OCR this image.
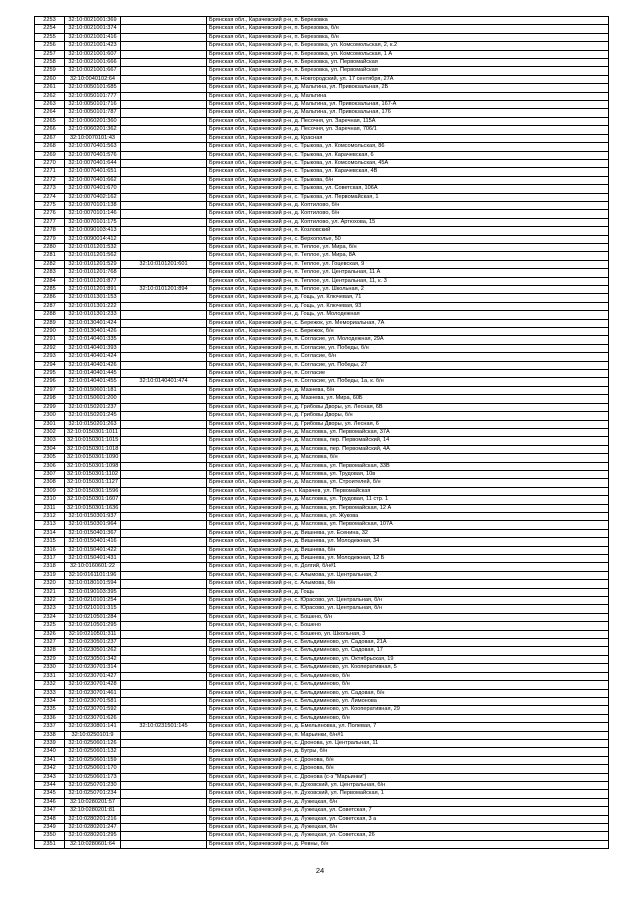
2253	32:10:0021001:369		Брянская обл., Карачевский р-н, п. Березовка
2254	32:10:0021001:374		Брянская обл., Карачевский р-н, п. Березовка, б/н
2255	32:10:0021001:416		Брянская обл., Карачевский р-н, п. Березовка, б/н
2256	32:10:0021001:423		Брянская обл., Карачевский р-н, п. Березовка, ул. Комсомольская, 2, к.2
2257	32:10:0021001:607		Брянская обл., Карачевский р-н, п. Березовка, ул. Комсомольская, 1 А
2258	32:10:0021001:666		Брянская обл., Карачевский р-н, п. Березовка, ул. Первомайская
2259	32:10:0021001:667		Брянская обл., Карачевский р-н, п. Березовка, ул. Первомайская
2260	32:10:0040102:64		Брянская обл., Карачевский р-н, п. Новгородский, ул. 17 сентября, 27А
2261	32:10:0050101:685		Брянская обл., Карачевский р-н, д. Мальтина, ул. Привокзальная, 2Б
2262	32:10:0050101:777		Брянская обл., Карачевский р-н, д. Мальтина
2263	32:10:0050101:716		Брянская обл., Карачевский р-н, д. Мальтина, ул. Привокзальная, 167-А
2264	32:10:0050101:787		Брянская обл., Карачевский р-н, д. Мальтина, ул. Привокзальная, 176
2265	32:10:0060201:360		Брянская обл., Карачевский р-н, д. Песочня, ул. Заречная, 115А
2266	32:10:0060201:362		Брянская обл., Карачевский р-н, д. Песочня, ул. Заречная, 706/1
2267	32:10:0070101:43		Брянская обл., Карачевский р-н, д. Красная
2268	32:10:0070401:563		Брянская обл., Карачевский р-н, с. Трыкова, ул. Комсомольская, 86
2269	32:10:0070401:576		Брянская обл., Карачевский р-н, с. Трыкова, ул. Карачевская, 6
2270	32:10:0070401:644		Брянская обл., Карачевский р-н, с. Трыкова, ул. Комсомольская, 45А
2271	32:10:0070401:651		Брянская обл., Карачевский р-н, с. Трыкова, ул. Карачевская, 4В
2272	32:10:0070401:662		Брянская обл., Карачевский р-н, с. Трыкова, б/н
2273	32:10:0070401:670		Брянская обл., Карачевский р-н, с. Трыкова, ул. Советская, 106А
2274	32:10:0070402:162		Брянская обл., Карачевский р-н, с. Трыкова, ул. Первомайская, 1
2275	32:10:0070101:138		Брянская обл., Карачевский р-н, д. Коптилово, б/н
2276	32:10:0070101:146		Брянская обл., Карачевский р-н, д. Коптилово, б/н
2277	32:10:0070101:175		Брянская обл., Карачевский р-н, д. Коптилово, ул. Артюхова, 15
2278	32:10:0090103:413		Брянская обл., Карачевский р-н, п. Козловский
2279	32:10:0090014:412		Брянская обл., Карачевский р-н, с. Верхополье, 50
2280	32:10:0101201:532		Брянская обл., Карачевский р-н, п. Теплое, ул. Мира, б/н
2281	32:10:0101201:562		Брянская обл., Карачевский р-н, п. Теплое, ул. Мира, 8А
2282	32:10:0101201:529	32:10:0101201:601	Брянская обл., Карачевский р-н, п. Теплое, ул. Гоцевская, 9
2283	32:10:0101201:768		Брянская обл., Карачевский р-н, п. Теплое, ул. Центральная, 11 А
2284	32:10:0101201:877		Брянская обл., Карачевский р-н, п. Теплое, ул. Центральная, 11, к. 3
2285	32:10:0101201:891	32:10:0101201:894	Брянская обл., Карачевский р-н, п. Теплое, ул. Школьная, 2
2286	32:10:0101301:153		Брянская обл., Карачевский р-н, д. Гощь, ул. Ключевая, 71
2287	32:10:0101301:222		Брянская обл., Карачевский р-н, д. Гощь, ул. Ключевая, 93
2288	32:10:0101301:233		Брянская обл., Карачевский р-н, д. Гощь, ул. Молодежная
2289	32:10:0130401:424		Брянская обл., Карачевский р-н, с. Бережок, ул. Мемориальная, 7А
2290	32:10:0130401:426		Брянская обл., Карачевский р-н, с. Бережок, б/н
2291	32:10:0140401:335		Брянская обл., Карачевский р-н, п. Согласие, ул. Молодежная, 29А
2292	32:10:0140401:393		Брянская обл., Карачевский р-н, п. Согласие, ул. Победы, б/н
2293	32:10:0140401:424		Брянская обл., Карачевский р-н, п. Согласие, б/н
2294	32:10:0140401:426		Брянская обл., Карачевский р-н, п. Согласие, ул. Победы, 27
2295	32:10:0140401:445		Брянская обл., Карачевский р-н, п. Согласие
2296	32:10:0140401:455	32:10:0140401:474	Брянская обл., Карачевский р-н, п. Согласие, ул. Победы, 1а, к. б/н
2297	32:10:0150601:181		Брянская обл., Карачевский р-н, д. Мазнева, б/н
2298	32:10:0150601:200		Брянская обл., Карачевский р-н, д. Мазнева, ул. Мира, 60Б
2299	32:10:0150201:237		Брянская обл., Карачевский р-н, д. Грибовы Дворы, ул. Лесная, 6В
2300	32:10:0150201:245		Брянская обл., Карачевский р-н, д. Грибовы Дворы, б/н
2301	32:10:0150201:263		Брянская обл., Карачевский р-н, д. Грибовы Дворы, ул. Лесная, 6
2302	32:10:0150301:1011		Брянская обл., Карачевский р-н, д. Масловка, ул. Первомайская, 37А
2303	32:10:0150301:1015		Брянская обл., Карачевский р-н, д. Масловка, пер. Первомайский, 14
2304	32:10:0150301:1018		Брянская обл., Карачевский р-н, д. Масловка, пер. Первомайский, 4А
2305	32:10:0150301:1090		Брянская обл., Карачевский р-н, д. Масловка, б/н
2306	32:10:0150301:1098		Брянская обл., Карачевский р-н, д. Масловка, ул. Первомайская, 33В
2307	32:10:0150301:1102		Брянская обл., Карачевский р-н, д. Масловка, ул. Трудовая, 10в
2308	32:10:0150301:1127		Брянская обл., Карачевский р-н, д. Масловка, ул. Строителей, б/н
2309	32:10:0150301:1596		Брянская обл., Карачевский р-н, г. Карачев, ул. Первомайская
2310	32:10:0150301:1607		Брянская обл., Карачевский р-н, д. Масловка, ул. Трудовая, 11 стр. 1
2311	32:10:0150301:1636		Брянская обл., Карачевский р-н, д. Масловка, ул. Первомайская, 12 А
2312	32:10:0150301:937		Брянская обл., Карачевский р-н, д. Масловка, ул. Жукова
2313	32:10:0150301:964		Брянская обл., Карачевский р-н, д. Масловка, ул. Первомайская, 107А
2314	32:10:0150401:367		Брянская обл., Карачевский р-н, д. Вишнева, ул. Есенина, 32
2315	32:10:0150401:416		Брянская обл., Карачевский р-н, д. Вишнева, ул. Молодежная, 34
2316	32:10:0150401:422		Брянская обл., Карачевский р-н, д. Вишнева, б/н
2317	32:10:0150401:431		Брянская обл., Карачевский р-н, д. Вишнева, ул. Молодежная, 12 Б
2318	32:10:0160601:22		Брянская обл., Карачевский р-н, п. Долгий, б/н#1
2319	32:10:0161101:196		Брянская обл., Карачевский р-н, с. Алымова, ул. Центральная, 2
2320	32:10:0180101:594		Брянская обл., Карачевский р-н, с. Алымова, б/н
2321	32:10:0190103:395		Брянская обл., Карачевский р-н, д. Гощь
2322	32:10:0210101:254		Брянская обл., Карачевский р-н, с. Юрасово, ул. Центральная, б/н
2323	32:10:0210101:315		Брянская обл., Карачевский р-н, с. Юрасово, ул. Центральная, б/н
2324	32:10:0210501:284		Брянская обл., Карачевский р-н, с. Бошено, б/н
2325	32:10:0210501:295		Брянская обл., Карачевский р-н, с. Бошено
2326	32:10:0210501:311		Брянская обл., Карачевский р-н, с. Бошено, ул. Школьная, 3
2327	32:10:0230501:237		Брянская обл., Карачевский р-н, с. Бельдиминово, ул. Садовая, 21А
2328	32:10:0230501:262		Брянская обл., Карачевский р-н, с. Бельдиминово, ул. Садовая, 17
2329	32:10:0230501:342		Брянская обл., Карачевский р-н, с. Бельдиминово, ул. Октябрьская, 19
2330	32:10:0230701:314		Брянская обл., Карачевский р-н, с. Бельдиминово, ул. Кооперативная, 5
2331	32:10:0230701:427		Брянская обл., Карачевский р-н, с. Бельдиминово, б/н
2332	32:10:0230701:428		Брянская обл., Карачевский р-н, с. Бельдиминово, б/н
2333	32:10:0230701:461		Брянская обл., Карачевский р-н, с. Бельдиминово, ул. Садовая, б/н
2334	32:10:0230701:581		Брянская обл., Карачевский р-н, с. Бельдиминово, ул. Лимонова
2335	32:10:0230701:592		Брянская обл., Карачевский р-н, с. Бельдиминово, ул. Кооперативная, 29
2336	32:10:0230701:626		Брянская обл., Карачевский р-н, с. Бельдиминово, б/н
2337	32:10:0230801:141	32:10:0231501:145	Брянская обл., Карачевский р-н, д. Емельяновка, ул. Полевая, 7
2338	32:10:0250101:9		Брянская обл., Карачевский р-н, п. Марьинки, б/н#1
2339	32:10:0250601:126		Брянская обл., Карачевский р-н, с. Дронова, ул. Центральная, 11
2340	32:10:0250601:132		Брянская обл., Карачевский р-н, д. Бугры, б/н
2341	32:10:0250601:159		Брянская обл., Карачевский р-н, с. Дронова, б/н
2342	32:10:0250601:170		Брянская обл., Карачевский р-н, с. Дронова, б/н
2343	32:10:0250601:173		Брянская обл., Карачевский р-н, с. Дронова (с-з "Марьинки")
2344	32:10:0250701:230		Брянская обл., Карачевский р-н, п. Духовский, ул. Центральная, б/н
2345	32:10:0250701:234		Брянская обл., Карачевский р-н, п. Духовский, ул. Первомайская, 1
2346	32:10:0280201:57		Брянская обл., Карачевский р-н, д. Лужецкая, б/н
2347	32:10:0280201:81		Брянская обл., Карачевский р-н, д. Лужецкая, ул. Советская, 7
2348	32:10:0280201:216		Брянская обл., Карачевский р-н, д. Лужецкая, ул. Советская, 3 а
2349	32:10:0280201:247		Брянская обл., Карачевский р-н, д. Лужецкая, б/н
2350	32:10:0280201:295		Брянская обл., Карачевский р-н, д. Лужецкая, ул. Советская, 26
2351	32:10:0280601:64		Брянская обл., Карачевский р-н, д. Ревны, б/н
24
